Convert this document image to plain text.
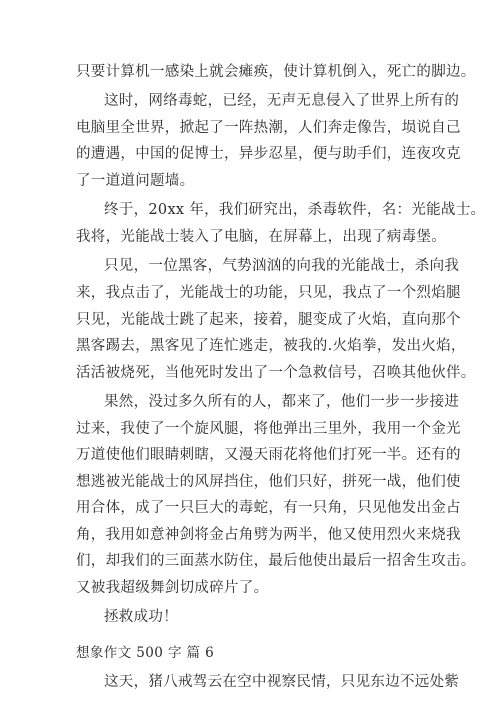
只要计算机一感染上就会瘫痪，使计算机倒入，死亡的脚边。
这时，网络毒蛇，已经，无声无息侵入了世界上所有的
电脑里全世界，掀起了一阵热潮，人们奔走像告，埙说自己
的遭遇，中国的促博士，异步忍星，便与助手们，连夜攻克
了一道道问题墙。
终于，20xx 年，我们研究出，杀毒软件，名：光能战士。
我将，光能战士装入了电脑，在屏幕上，出现了病毒堡。
只见，一位黑客，气势汹汹的向我的光能战士，杀向我
来，我点击了，光能战士的功能，只见，我点了一个烈焰腿
只见，光能战士跳了起来，接着，腿变成了火焰，直向那个
黑客踢去，黑客见了连忙逃走，被我的.火焰拳，发出火焰，
活活被烧死，当他死时发出了一个急救信号，召唤其他伙伴。
果然，没过多久所有的人，都来了，他们一步一步接进
过来，我使了一个旋风腿，将他弹出三里外，我用一个金光
万道使他们眼睛刺瞎，又漫天雨花将他们打死一半。还有的
想逃被光能战士的风屏挡住，他们只好，拼死一战，他们使
用合体，成了一只巨大的毒蛇，有一只角，只见他发出金占
角，我用如意神剑将金占角劈为两半，他又使用烈火来烧我
们，却我们的三面蒸水防住，最后他使出最后一招舍生攻击。
又被我超级舞剑切成碎片了。
拯救成功！
想象作文 500 字 篇 6
这天，猪八戒驾云在空中视察民情，只见东边不远处紫
